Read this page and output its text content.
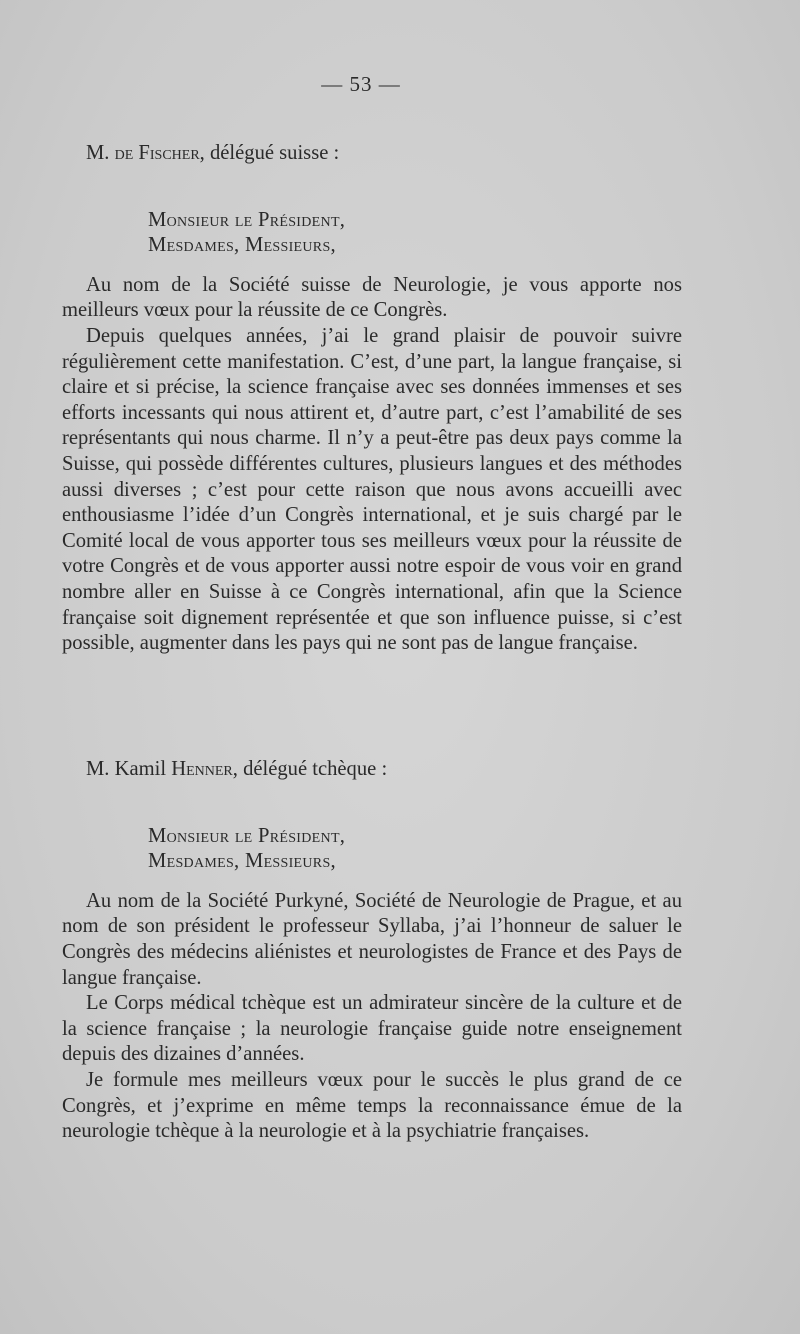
— 53 —

M. de Fischer, délégué suisse :

Monsieur le Président,
Mesdames, Messieurs,

Au nom de la Société suisse de Neurologie, je vous apporte nos meilleurs vœux pour la réussite de ce Congrès.

Depuis quelques années, j’ai le grand plaisir de pouvoir suivre régulièrement cette manifestation. C’est, d’une part, la langue française, si claire et si précise, la science française avec ses données immenses et ses efforts incessants qui nous attirent et, d’autre part, c’est l’amabilité de ses représentants qui nous charme. Il n’y a peut-être pas deux pays comme la Suisse, qui possède différentes cultures, plusieurs langues et des méthodes aussi diverses ; c’est pour cette raison que nous avons accueilli avec enthousiasme l’idée d’un Congrès international, et je suis chargé par le Comité local de vous apporter tous ses meilleurs vœux pour la réussite de votre Congrès et de vous apporter aussi notre espoir de vous voir en grand nombre aller en Suisse à ce Congrès international, afin que la Science française soit dignement représentée et que son influence puisse, si c’est possible, augmenter dans les pays qui ne sont pas de langue française.

M. Kamil Henner, délégué tchèque :

Monsieur le Président,
Mesdames, Messieurs,

Au nom de la Société Purkyné, Société de Neurologie de Prague, et au nom de son président le professeur Syllaba, j’ai l’honneur de saluer le Congrès des médecins aliénistes et neurologistes de France et des Pays de langue française.

Le Corps médical tchèque est un admirateur sincère de la culture et de la science française ; la neurologie française guide notre enseignement depuis des dizaines d’années.

Je formule mes meilleurs vœux pour le succès le plus grand de ce Congrès, et j’exprime en même temps la reconnaissance émue de la neurologie tchèque à la neurologie et à la psychiatrie françaises.
